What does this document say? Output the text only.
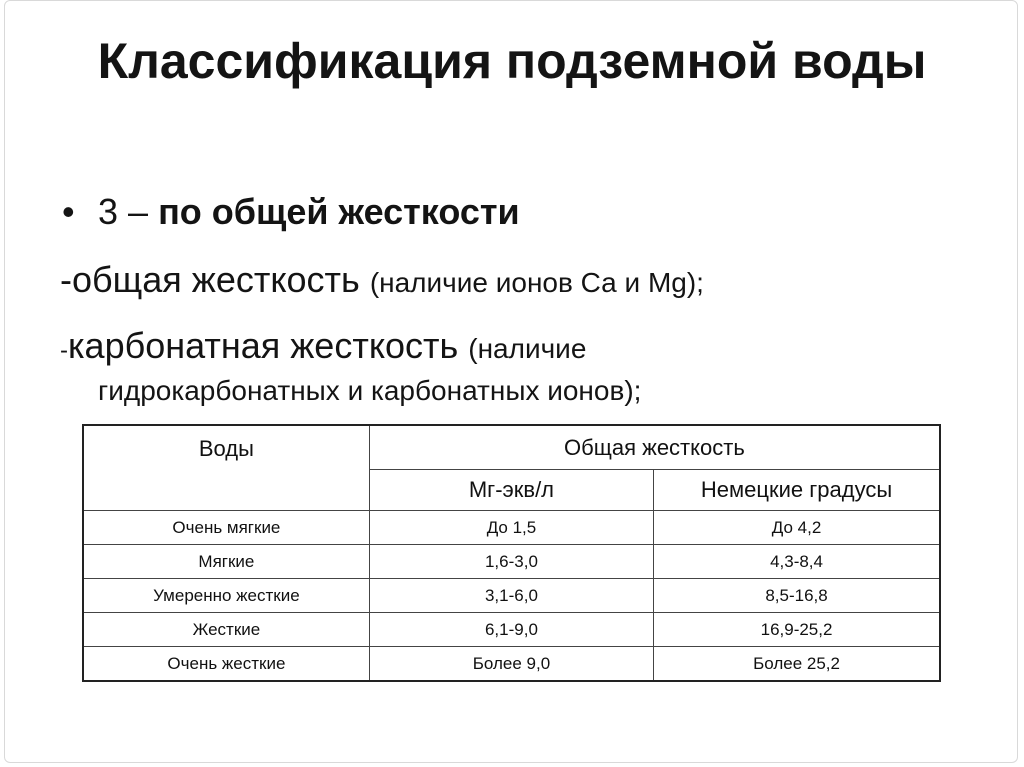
Классификация подземной воды
• 3 – по общей жесткости
-общая жесткость (наличие ионов Са и Mg);
-карбонатная жесткость (наличие
гидрокарбонатных и карбонатных ионов);
Воды	Общая жесткость	
	Мг-экв/л	Немецкие градусы
Очень мягкие	До 1,5	До 4,2
Мягкие	1,6-3,0	4,3-8,4
Умеренно жесткие	3,1-6,0	8,5-16,8
Жесткие	6,1-9,0	16,9-25,2
Очень жесткие	Более 9,0	Более 25,2
